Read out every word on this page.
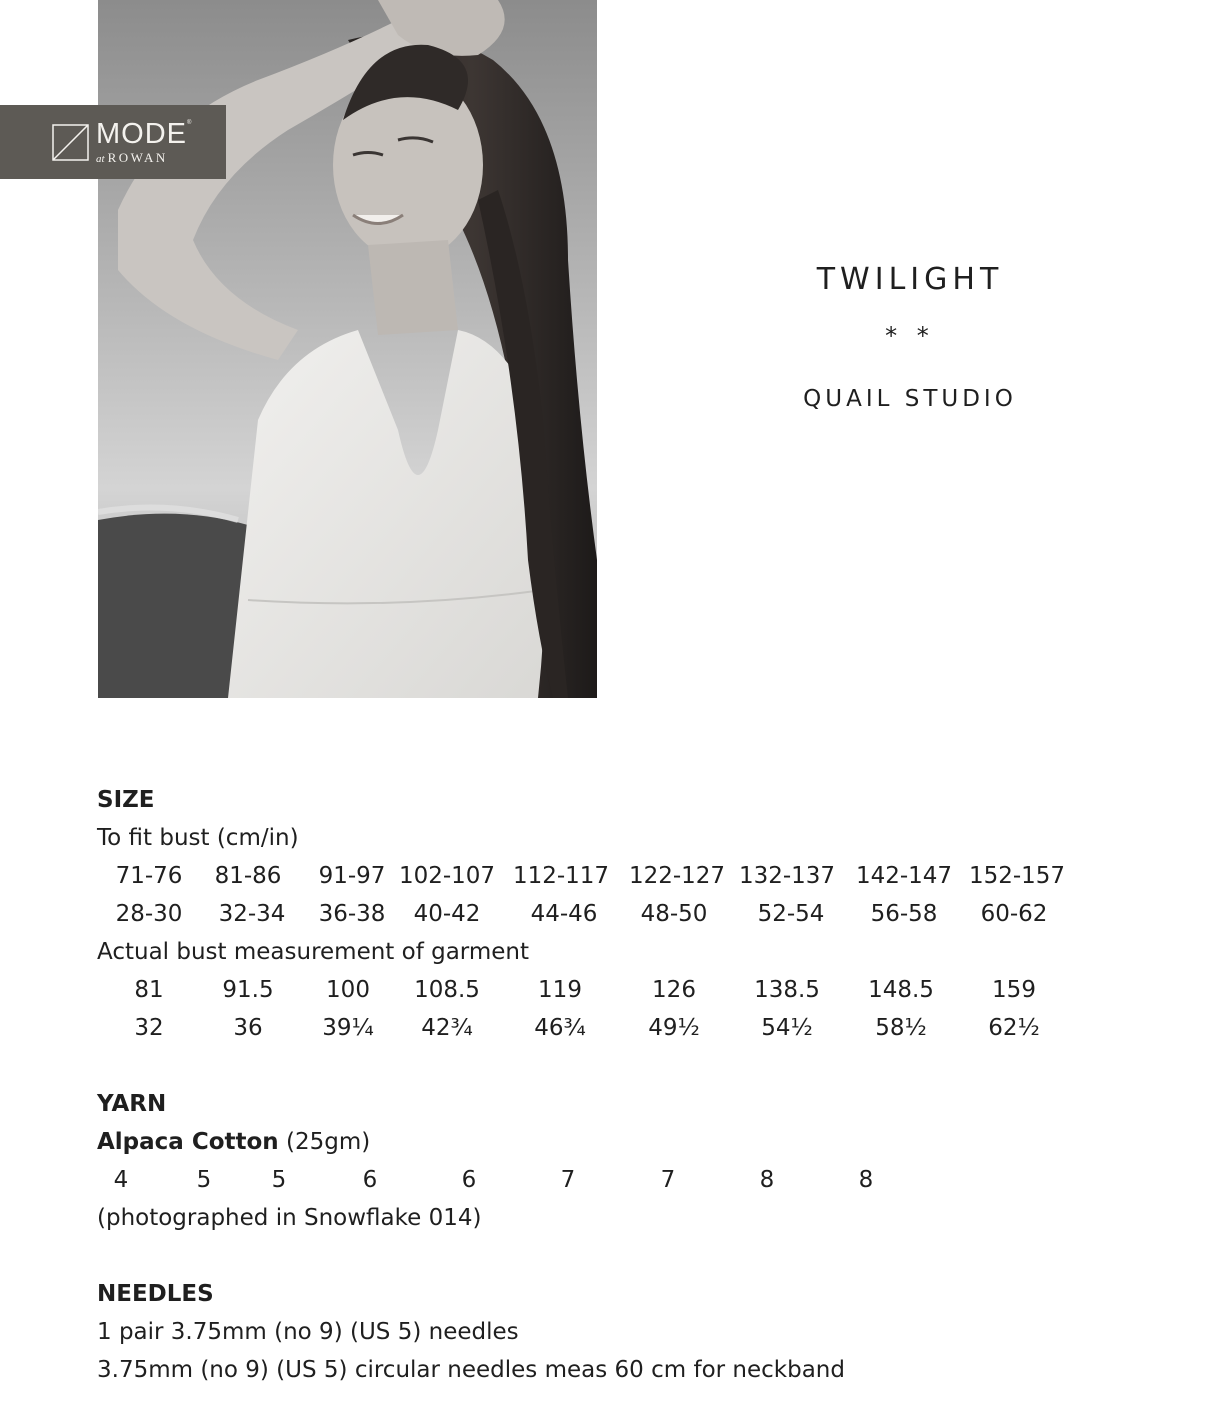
MODE®
at ROWAN
TWILIGHT
* *
QUAIL STUDIO
SIZE
To fit bust (cm/in)
71-76 81-86 91-97 102-107 112-117 122-127 132-137 142-147 152-157
28-30 32-34 36-38 40-42 44-46 48-50 52-54 56-58 60-62
Actual bust measurement of garment
81	91.5 100 108.5	119	126	138.5 148.5	159
32	36	39¼ 42¾	46¾	49½	54½	58½	62½
YARN
Alpaca Cotton (25gm)
4	5	5	6	6	7	7	8	8
(photographed in Snowflake 014)
NEEDLES
1 pair 3.75mm (no 9) (US 5) needles
3.75mm (no 9) (US 5) circular needles meas 60 cm for neckband
